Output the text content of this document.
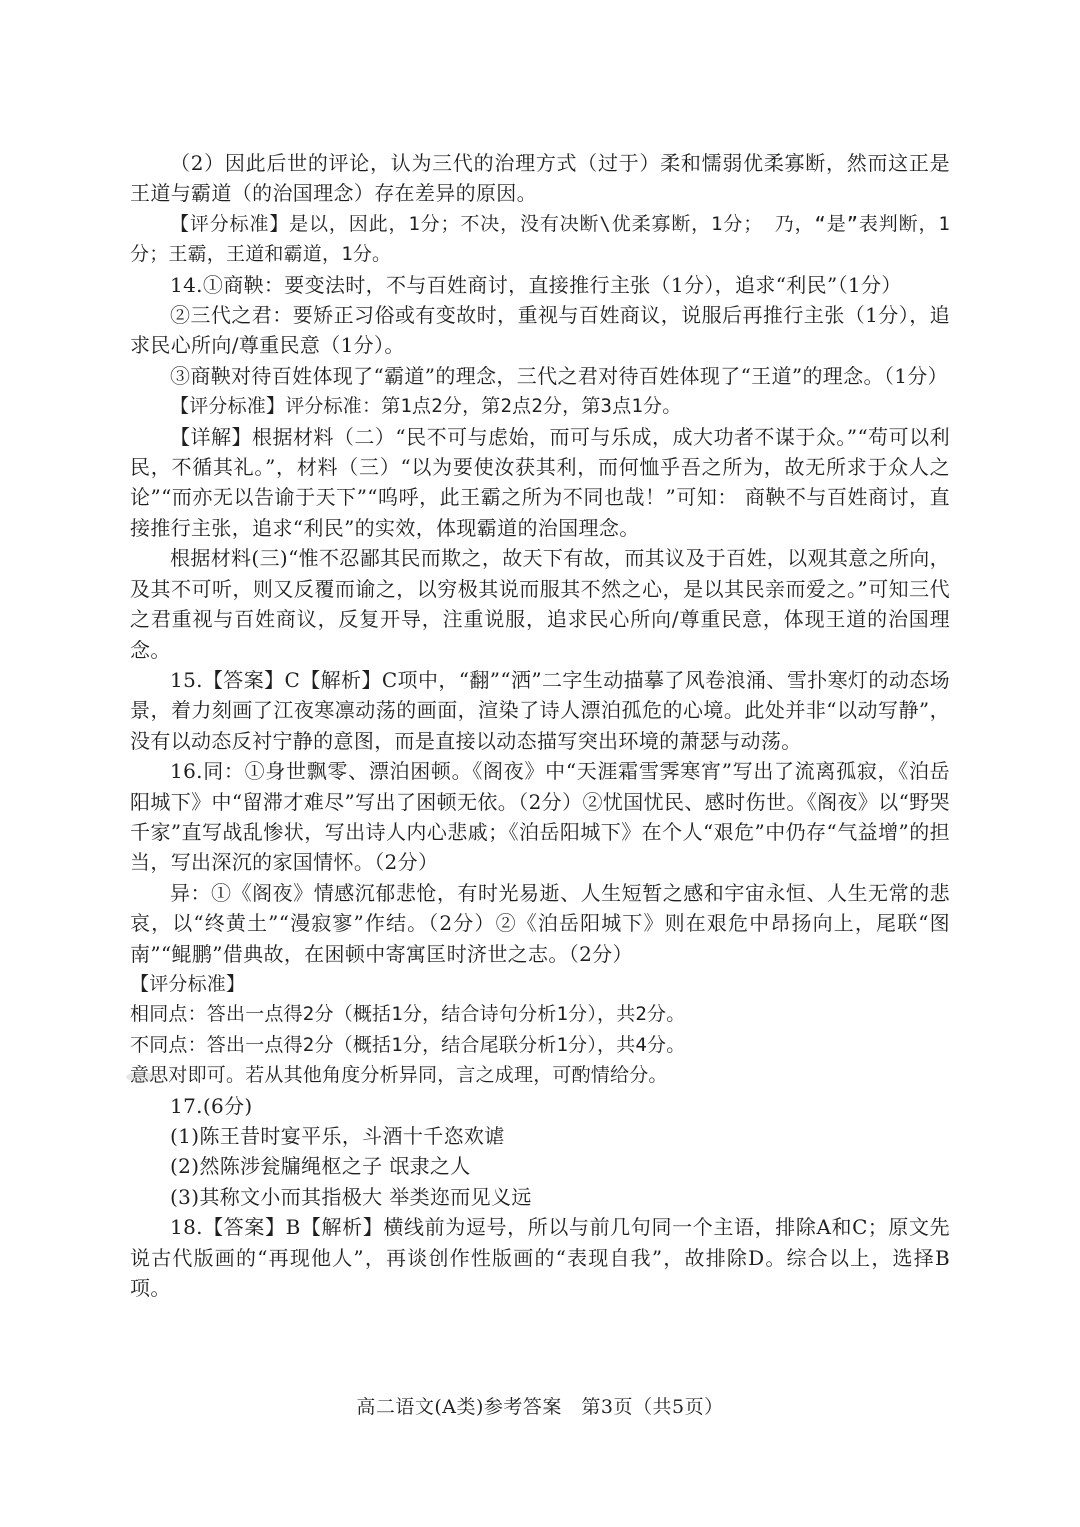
（2）因此后世的评论，认为三代的治理方式（过于）柔和懦弱优柔寡断，然而这正是王道与霸道（的治国理念）存在差异的原因。

【评分标准】是以，因此，1分；不决，没有决断\优柔寡断，1分； 乃，“是”表判断，1分；王霸，王道和霸道，1分。

14.①商鞅：要变法时，不与百姓商讨，直接推行主张（1分），追求“利民”（1分）

②三代之君：要矫正习俗或有变故时，重视与百姓商议，说服后再推行主张（1分），追求民心所向/尊重民意（1分）。

③商鞅对待百姓体现了“霸道”的理念，三代之君对待百姓体现了“王道”的理念。（1分）

【评分标准】评分标准：第1点2分，第2点2分，第3点1分。

【详解】根据材料（二）“民不可与虑始，而可与乐成，成大功者不谋于众。”“苟可以利民，不循其礼。”，材料（三）“以为要使汝获其利，而何恤乎吾之所为，故无所求于众人之论”“而亦无以告谕于天下”“呜呼，此王霸之所为不同也哉！”可知： 商鞅不与百姓商讨，直接推行主张，追求“利民”的实效，体现霸道的治国理念。

根据材料(三)“惟不忍鄙其民而欺之，故天下有故，而其议及于百姓，以观其意之所向，及其不可听，则又反覆而谕之，以穷极其说而服其不然之心，是以其民亲而爱之。”可知三代之君重视与百姓商议，反复开导，注重说服，追求民心所向/尊重民意，体现王道的治国理念。

15.【答案】C【解析】C项中，“翻”“洒”二字生动描摹了风卷浪涌、雪扑寒灯的动态场景，着力刻画了江夜寒凛动荡的画面，渲染了诗人漂泊孤危的心境。此处并非“以动写静”，没有以动态反衬宁静的意图，而是直接以动态描写突出环境的萧瑟与动荡。

16.同：①身世飘零、漂泊困顿。《阁夜》中“天涯霜雪霁寒宵”写出了流离孤寂，《泊岳阳城下》中“留滞才难尽”写出了困顿无依。（2分）②忧国忧民、感时伤世。《阁夜》以“野哭千家”直写战乱惨状，写出诗人内心悲戚；《泊岳阳城下》在个人“艰危”中仍存“气益增”的担当，写出深沉的家国情怀。（2分）

异：①《阁夜》情感沉郁悲怆，有时光易逝、人生短暂之感和宇宙永恒、人生无常的悲哀，以“终黄土”“漫寂寥”作结。（2分）②《泊岳阳城下》则在艰危中昂扬向上，尾联“图南”“鲲鹏”借典故，在困顿中寄寓匡时济世之志。（2分）

【评分标准】

相同点：答出一点得2分（概括1分，结合诗句分析1分），共2分。

不同点：答出一点得2分（概括1分，结合尾联分析1分），共4分。

意思对即可。若从其他角度分析异同，言之成理，可酌情给分。

17.(6分)

(1)陈王昔时宴平乐，斗酒十千恣欢谑

(2)然陈涉瓮牖绳枢之子 氓隶之人

(3)其称文小而其指极大 举类迩而见义远

18.【答案】B【解析】横线前为逗号，所以与前几句同一个主语，排除A和C；原文先说古代版画的“再现他人”，再谈创作性版画的“表现自我”，故排除D。综合以上，选择B项。

高二语文(A类)参考答案　第3页（共5页）
